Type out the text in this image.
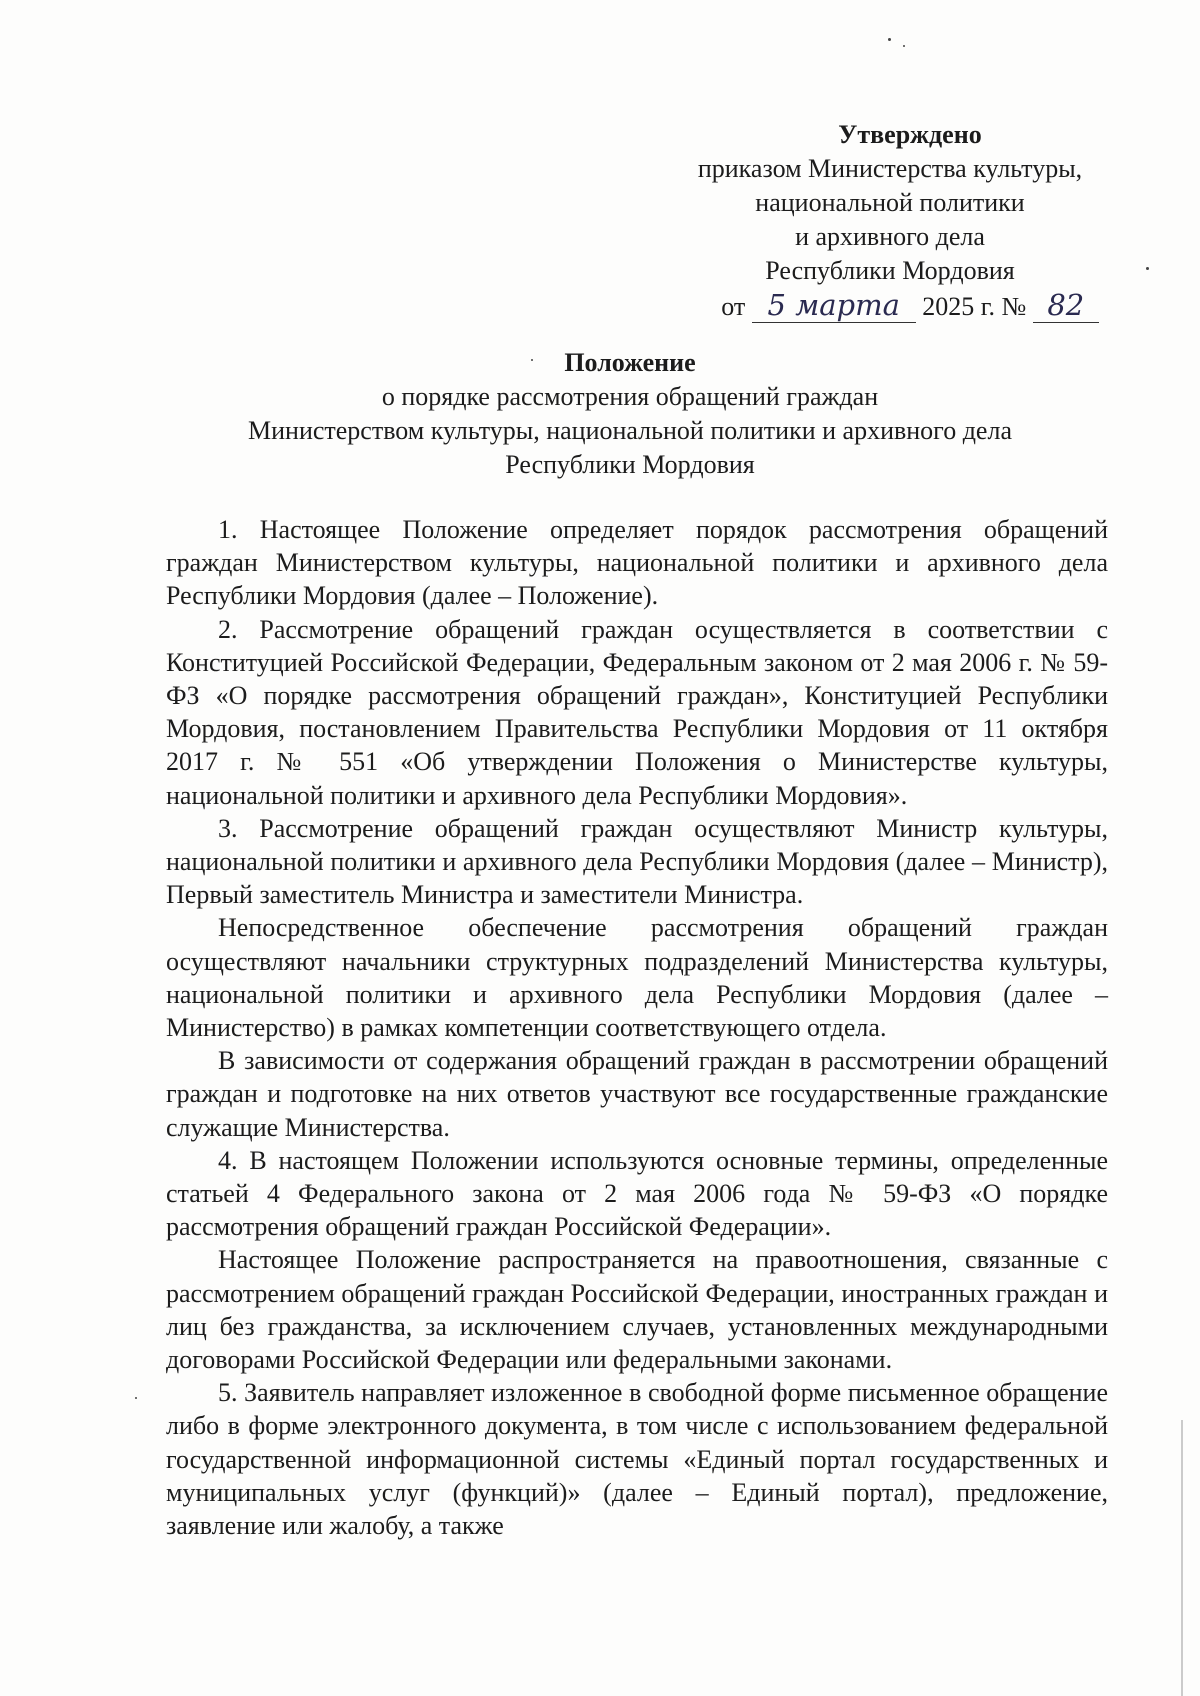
Утверждено
приказом Министерства культуры,
национальной политики
и архивного дела
Республики Мордовия
от 5 марта 2025 г. № 82
Положение
о порядке рассмотрения обращений граждан
Министерством культуры, национальной политики и архивного дела
Республики Мордовия

1. Настоящее Положение определяет порядок рассмотрения обращений граждан Министерством культуры, национальной политики и архивного дела Республики Мордовия (далее – Положение).

2. Рассмотрение обращений граждан осуществляется в соответствии с Конституцией Российской Федерации, Федеральным законом от 2 мая 2006 г. № 59-ФЗ «О порядке рассмотрения обращений граждан», Конституцией Республики Мордовия, постановлением Правительства Республики Мордовия от 11 октября 2017 г. № 551 «Об утверждении Положения о Министерстве культуры, национальной политики и архивного дела Республики Мордовия».

3. Рассмотрение обращений граждан осуществляют Министр культуры, национальной политики и архивного дела Республики Мордовия (далее – Министр), Первый заместитель Министра и заместители Министра.

Непосредственное обеспечение рассмотрения обращений граждан осуществляют начальники структурных подразделений Министерства культуры, национальной политики и архивного дела Республики Мордовия (далее – Министерство) в рамках компетенции соответствующего отдела.

В зависимости от содержания обращений граждан в рассмотрении обращений граждан и подготовке на них ответов участвуют все государственные гражданские служащие Министерства.

4. В настоящем Положении используются основные термины, определенные статьей 4 Федерального закона от 2 мая 2006 года № 59-ФЗ «О порядке рассмотрения обращений граждан Российской Федерации».

Настоящее Положение распространяется на правоотношения, связанные с рассмотрением обращений граждан Российской Федерации, иностранных граждан и лиц без гражданства, за исключением случаев, установленных международными договорами Российской Федерации или федеральными законами.

5. Заявитель направляет изложенное в свободной форме письменное обращение либо в форме электронного документа, в том числе с использованием федеральной государственной информационной системы «Единый портал государственных и муниципальных услуг (функций)» (далее – Единый портал), предложение, заявление или жалобу, а также
